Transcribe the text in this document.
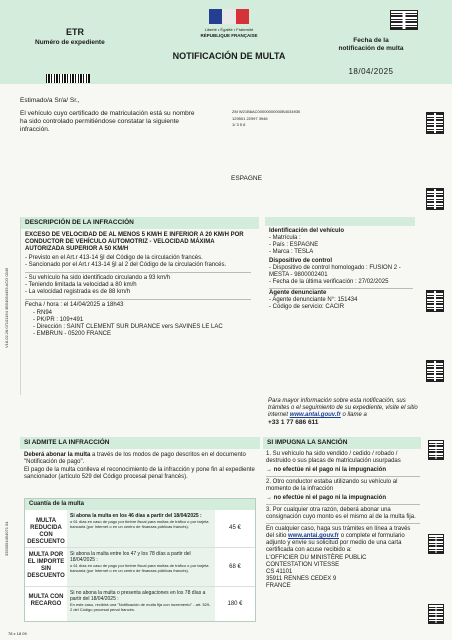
ETR
Numéro de expediente
Liberté • Égalité • Fraternité
RÉPUBLIQUE FRANÇAISE
NOTIFICACIÓN DE MULTA
Fecha de la notificación de multa
18/04/2025
V18.02.28.07101164 3B54054493 ACO 0345
3353054494071 04
78 x 18 09
Estimado/a Sr/a/ Sr.,
El vehículo cuyo certificado de matriculación está su nombre ha sido controlado permitiéndose constatar la siguiente infracción.
ZM W21B6AC00000000000B4034930
129501 22997 3946
1/ 3 5 6
ESPAGNE
DESCRIPCIÓN DE LA INFRACCIÓN
EXCESO DE VELOCIDAD DE AL MENOS 5 KM/H E INFERIOR A 20 KM/H POR CONDUCTOR DE VEHÍCULO AUTOMOTRIZ - VELOCIDAD MÁXIMA AUTORIZADA SUPERIOR A 50 KM/H
- Previsto en el Art.r 413-14 §I del Código de la circulación francés.
- Sancionado por el Art.r 413-14 §I al 2 del Código de la circulación francés.
- Su vehículo ha sido identificado circulando a 93 km/h
- Teniendo limitada la velocidad a 80 km/h
- La velocidad registrada es de 88 km/h
Fecha / hora : el 14/04/2025 a 18h43
- RN94
- PK/PR : 109+491
- Dirección : SAINT CLEMENT SUR DURANCE vers SAVINES LE LAC
- EMBRUN - 05200 FRANCE
Identificación del vehículo
- Matrícula :
- País : ESPAGNE
- Marca : TESLA
Dispositivo de control
- Dispositivo de control homologado : FUSION 2 - MESTA - 9800002401
- Fecha de la última verificación : 27/02/2025
Agente denunciante
- Agente denunciante N°: 151434
- Código de servicio: CACIR
Para mayor información sobre esta notificación, sus trámites o el seguimiento de su expediente, visite el sitio internet www.antai.gouv.fr o llame a
+33 1 77 686 611
SI ADMITE LA INFRACCIÓN
Deberá abonar la multa a través de los modos de pago descritos en el documento "Notificación de pago".
El pago de la multa conlleva el reconocimiento de la infracción y pone fin al expediente sancionador (artículo 529 del Código procesal penal francés).
Cuantía de la multa
MULTA REDUCIDA CON DESCUENTO
Si abona la multa en los 46 días a partir del 18/04/2025 :
o 61 días en caso de pago por timbre fiscal para multas de tráfico o por tarjeta bancaria (por Internet o en un centro de finanzas públicas francés).	45 €
MULTA POR EL IMPORTE SIN DESCUENTO
Si abona la multa entre los 47 y los 78 días a partir del 18/04/2025 :
o 61 días en caso de pago por timbre fiscal para multas de tráfico o por tarjeta bancaria (por Internet o en un centro de finanzas públicas francés).
68 €
MULTA CON RECARGO
Si no abona la multa o presenta alegaciones en los 78 días a partir del 18/04/2025 :
En este caso, recibirá una "Notificación de multa fija con incremento" - art. 529-2 del Código procesal penal francés.
180 €
SI IMPUGNA LA SANCIÓN
1. Su vehículo ha sido vendido / cedido / robado / destruido o sus placas de matriculación usurpadas
→ no efectúe ni el pago ni la impugnación
2. Otro conductor estaba utilizando su vehículo al momento de la infracción
→ no efectúe ni el pago ni la impugnación
3. Por cualquier otra razón, deberá abonar una consignación cuyo monto es el mismo al de la multa fija.
En cualquier caso, haga sus trámites en línea a través del sitio www.antai.gouv.fr o complete el formulario adjunto y envíe su solicitud por medio de una carta certificada con acuse recibido a:
L'OFFICIER DU MINISTÈRE PUBLIC
CONTESTATION VITESSE
CS 41101
35911 RENNES CEDEX 9
FRANCE
